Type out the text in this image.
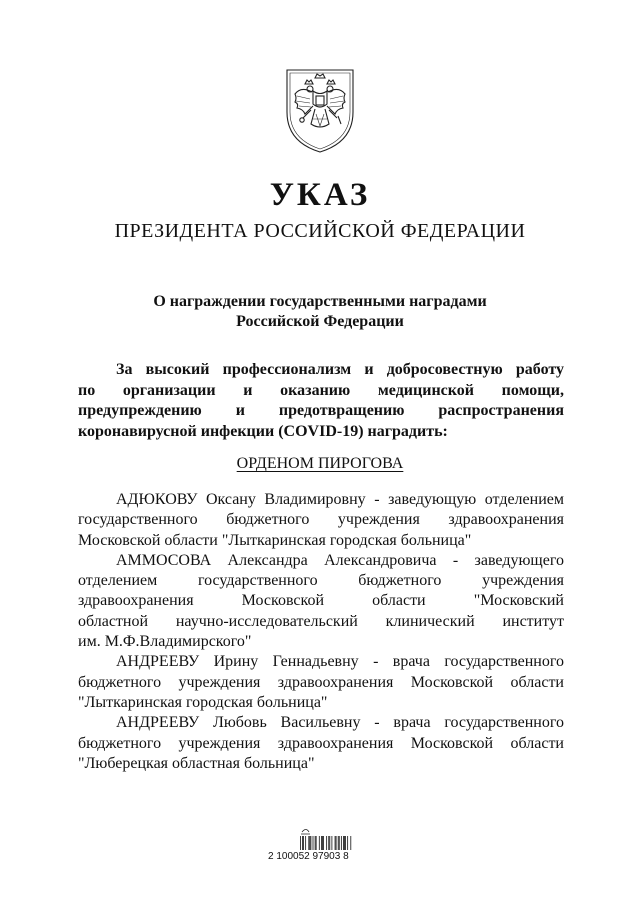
УКАЗ
ПРЕЗИДЕНТА РОССИЙСКОЙ ФЕДЕРАЦИИ
О награждении государственными наградами
Российской Федерации
За высокий профессионализм и добросовестную работу
по организации и оказанию медицинской помощи,
предупреждению и предотвращению распространения
коронавирусной инфекции (COVID-19) наградить:
ОРДЕНОМ ПИРОГОВА
АДЮКОВУ Оксану Владимировну - заведующую отделением
государственного бюджетного учреждения здравоохранения
Московской области "Лыткаринская городская больница"
АММОСОВА Александра Александровича - заведующего
отделением государственного бюджетного учреждения
здравоохранения Московской области "Московский
областной научно-исследовательский клинический институт
им. М.Ф.Владимирского"
АНДРЕЕВУ Ирину Геннадьевну - врача государственного
бюджетного учреждения здравоохранения Московской области
"Лыткаринская городская больница"
АНДРЕЕВУ Любовь Васильевну - врача государственного
бюджетного учреждения здравоохранения Московской области
"Люберецкая областная больница"
2 100052 97903 8
